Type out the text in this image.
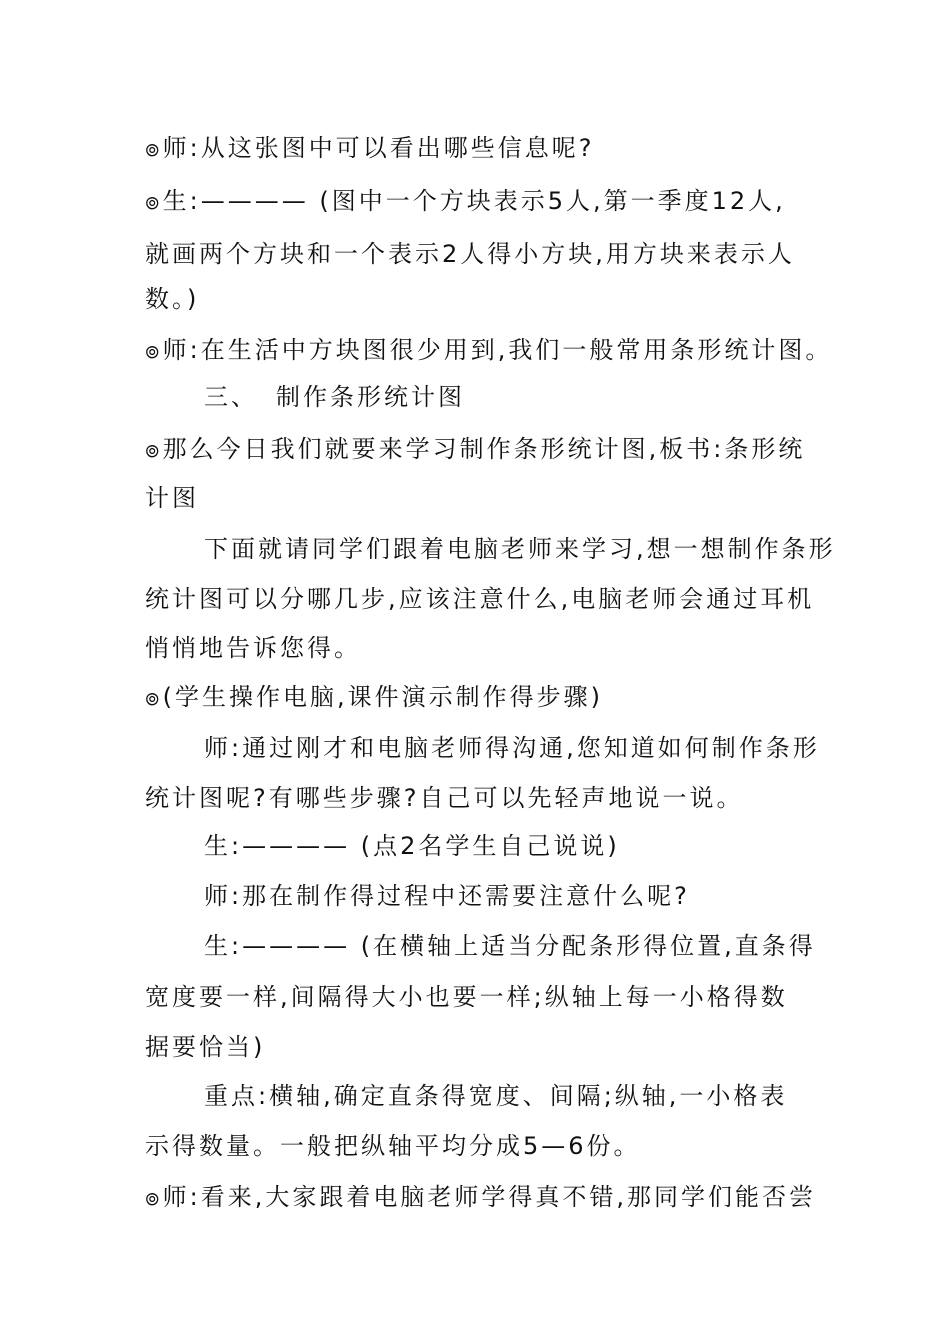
๏师:从这张图中可以看出哪些信息呢?
๏生:———— (图中一个方块表示5人,第一季度12人,
就画两个方块和一个表示2人得小方块,用方块来表示人
数。)
๏师:在生活中方块图很少用到,我们一般常用条形统计图。
三、 制作条形统计图
๏那么今日我们就要来学习制作条形统计图,板书:条形统
计图
下面就请同学们跟着电脑老师来学习,想一想制作条形
统计图可以分哪几步,应该注意什么,电脑老师会通过耳机
悄悄地告诉您得。
๏(学生操作电脑,课件演示制作得步骤)
师:通过刚才和电脑老师得沟通,您知道如何制作条形
统计图呢?有哪些步骤?自己可以先轻声地说一说。
生:———— (点2名学生自己说说)
师:那在制作得过程中还需要注意什么呢?
生:———— (在横轴上适当分配条形得位置,直条得
宽度要一样,间隔得大小也要一样;纵轴上每一小格得数
据要恰当)
重点:横轴,确定直条得宽度、间隔;纵轴,一小格表
示得数量。一般把纵轴平均分成5—6份。
๏师:看来,大家跟着电脑老师学得真不错,那同学们能否尝
